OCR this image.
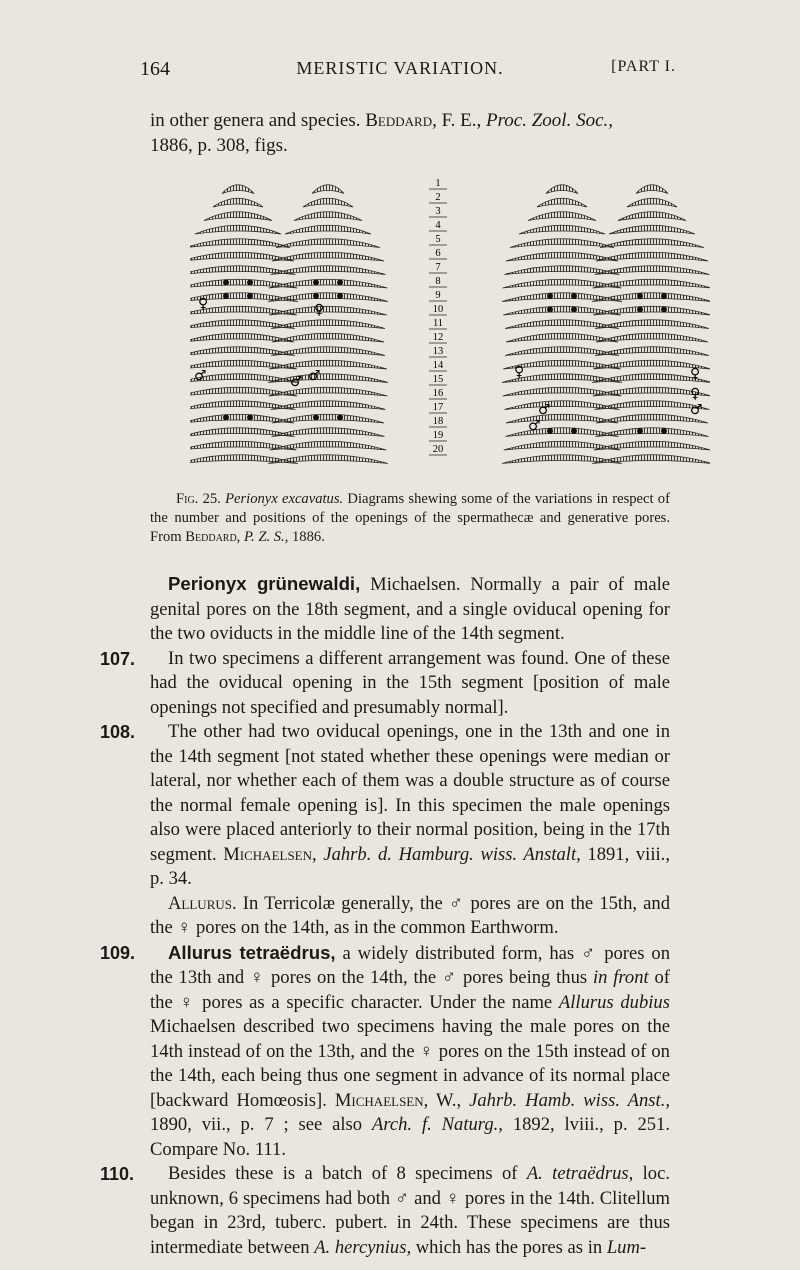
164	MERISTIC VARIATION.	[PART I.
in other genera and species. Beddard, F. E., Proc. Zool. Soc.,
1886, p. 308, figs.
1
2
3
4
5
6
7
8
9
10
11
12
13
14
15
16
17
18
19
20
♀
♂
♀
♂ ♂	♀
♂
♂
♀
♀
♂
Fig. 25. Perionyx excavatus. Diagrams shewing some of the variations in respect of the number and positions of the openings of the spermathecæ and generative pores. From Beddard, P. Z. S., 1886.

Perionyx grünewaldi, Michaelsen. Normally a pair of male genital pores on the 18th segment, and a single oviducal opening for the two oviducts in the middle line of the 14th segment.

107. In two specimens a different arrangement was found. One of these had the oviducal opening in the 15th segment [position of male openings not specified and presumably normal].

108. The other had two oviducal openings, one in the 13th and one in the 14th segment [not stated whether these openings were median or lateral, nor whether each of them was a double structure as of course the normal female opening is]. In this specimen the male openings also were placed anteriorly to their normal position, being in the 17th segment. Michaelsen, Jahrb. d. Hamburg. wiss. Anstalt, 1891, viii., p. 34.

Allurus. In Terricolæ generally, the ♂ pores are on the 15th, and the ♀ pores on the 14th, as in the common Earthworm.

109. Allurus tetraëdrus, a widely distributed form, has ♂ pores on the 13th and ♀ pores on the 14th, the ♂ pores being thus in front of the ♀ pores as a specific character. Under the name Allurus dubius Michaelsen described two specimens having the male pores on the 14th instead of on the 13th, and the ♀ pores on the 15th instead of on the 14th, each being thus one segment in advance of its normal place [backward Homœosis]. Michaelsen, W., Jahrb. Hamb. wiss. Anst., 1890, vii., p. 7 ; see also Arch. f. Naturg., 1892, lviii., p. 251. Compare No. 111.

110. Besides these is a batch of 8 specimens of A. tetraëdrus, loc. unknown, 6 specimens had both ♂ and ♀ pores in the 14th. Clitellum began in 23rd, tuberc. pubert. in 24th. These specimens are thus intermediate between A. hercynius, which has the pores as in Lum-
